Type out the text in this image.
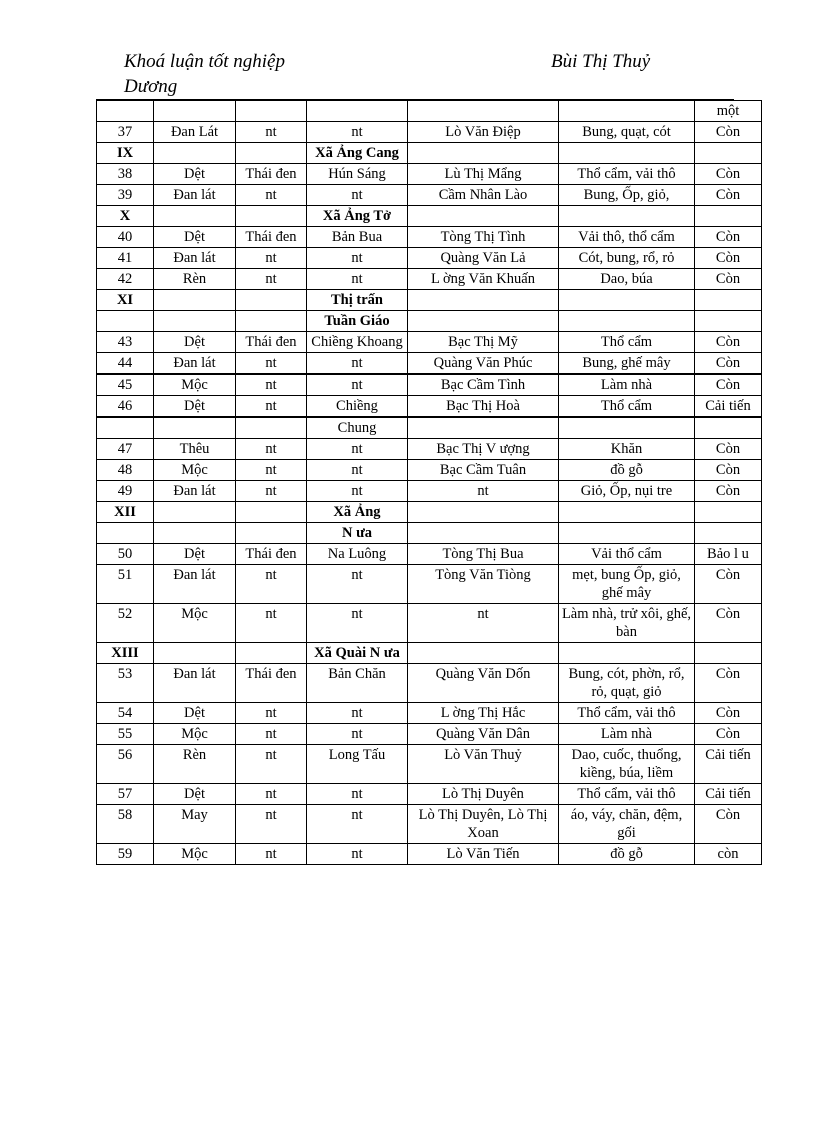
Khoá luận tốt nghiệp
Dương
Bùi Thị Thuỷ
						một
37	Đan Lát	nt	nt	Lò Văn Điệp	Bung, quạt, cót	Còn
IX			Xã Ảng Cang			
38	Dệt	Thái đen	Hún Sáng	Lù Thị Mẩng	Thổ cẩm, vải thô	Còn
39	Đan lát	nt	nt	Cầm Nhân Lào	Bung, Ốp, giỏ,	Còn
X			Xã Ảng Tở			
40	Dệt	Thái đen	Bản Bua	Tòng Thị Tình	Vải thô, thổ cẩm	Còn
41	Đan lát	nt	nt	Quàng Văn Lả	Cót, bung, rổ, rỏ	Còn
42	Rèn	nt	nt	L ờng Văn Khuấn	Dao, búa	Còn
XI			Thị trấn			
			Tuần Giáo			
43	Dệt	Thái đen	Chiềng Khoang	Bạc Thị Mỹ	Thổ cẩm	Còn
44	Đan lát	nt	nt	Quàng Văn Phúc	Bung, ghế mây	Còn
45	Mộc	nt	nt	Bạc Cầm Tình	Làm nhà	Còn
46	Dệt	nt	Chiềng	Bạc Thị Hoà	Thổ cẩm	Cải tiến
			Chung			
47	Thêu	nt	nt	Bạc Thị V ượng	Khăn	Còn
48	Mộc	nt	nt	Bạc Cầm Tuân	đồ gỗ	Còn
49	Đan lát	nt	nt	nt	Giỏ, Ốp, nụi tre	Còn
XII			Xã Ảng			
			N ưa			
50	Dệt	Thái đen	Na Luông	Tòng Thị Bua	Vải thổ cẩm	Bảo l u
51	Đan lát	nt	nt	Tòng Văn Tiòng	mẹt, bung Ốp, giỏ, ghế mây	Còn
52	Mộc	nt	nt	nt	Làm nhà, trử xôi, ghế, bàn	Còn
XIII			Xã Quài N ưa			
53	Đan lát	Thái đen	Bản Chăn	Quàng Văn Dốn	Bung, cót, phờn, rổ, rỏ, quạt, giỏ	Còn
54	Dệt	nt	nt	L ờng Thị Hắc	Thổ cẩm, vải thô	Còn
55	Mộc	nt	nt	Quàng Văn Dân	Làm nhà	Còn
56	Rèn	nt	Long Tấu	Lò Văn Thuỷ	Dao, cuốc, thuổng, kiềng, búa, liềm	Cải tiến
57	Dệt	nt	nt	Lò Thị Duyên	Thổ cẩm, vải thô	Cải tiến
58	May	nt	nt	Lò Thị Duyên, Lò Thị Xoan	áo, váy, chăn, đệm, gối	Còn
59	Mộc	nt	nt	Lò Văn Tiến	đồ gỗ	còn
